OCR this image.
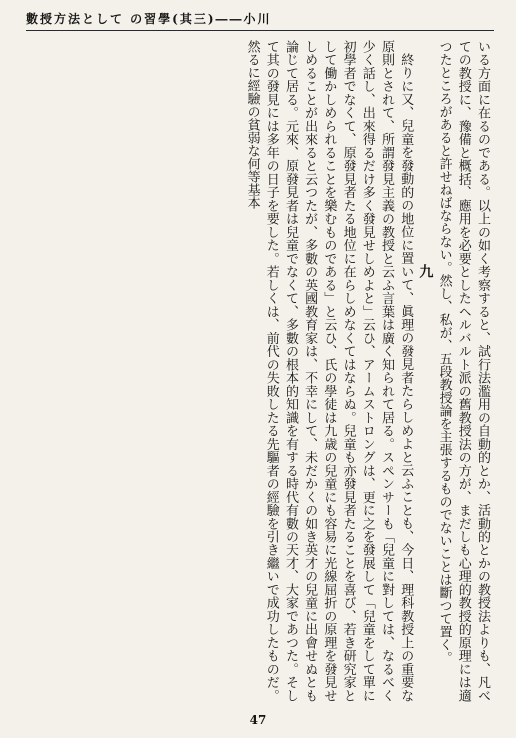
數授方法として の習學(其三)――小川

いる方面に在るのである。以上の如く考察すると、試行法濫用の自動的とか、活動的とかの教授法よりも、凡べての教授に、豫備と概括、應用を必要としたヘルバルト派の舊教授法の方が、まだしも心理的教授的原理には適つたところがあると許せねばならない。然し、私が、五段教授論を主張するものでないことは斷つて置く。

九

終りに又、兒童を發動的の地位に置いて、眞理の發見者たらしめよと云ふことも、今日、理科教授上の重要な原則とされて、所謂發見主義の教授と云ふ言葉は廣く知られて居る。スペンサーも「兒童に對しては、なるべく少く話し、出來得るだけ多く發見せしめよと」云ひ、アームストロングは、更に之を發展して「兒童をして單に初學者でなくて、原發見者たる地位に在らしめなくてはならぬ。兒童も亦發見者たることを喜び、若き研究家として働かしめられることを樂むものである」と云ひ、氏の學徒は九歳の兒童にも容易に光線屈折の原理を發見せしめることが出來ると云つたが、多數の英國教育家は、不幸にして、未だかくの如き英才の兒童に出會せぬとも論じて居る。元來、原發見者は兒童でなくて、多數の根本的知識を有する時代有數の天才、大家であつた。そして其の發見には多年の日子を要した。若しくは、前代の失敗したる先驅者の經驗を引き繼いで成功したものだ。然るに經驗の貧弱な何等基本

47
